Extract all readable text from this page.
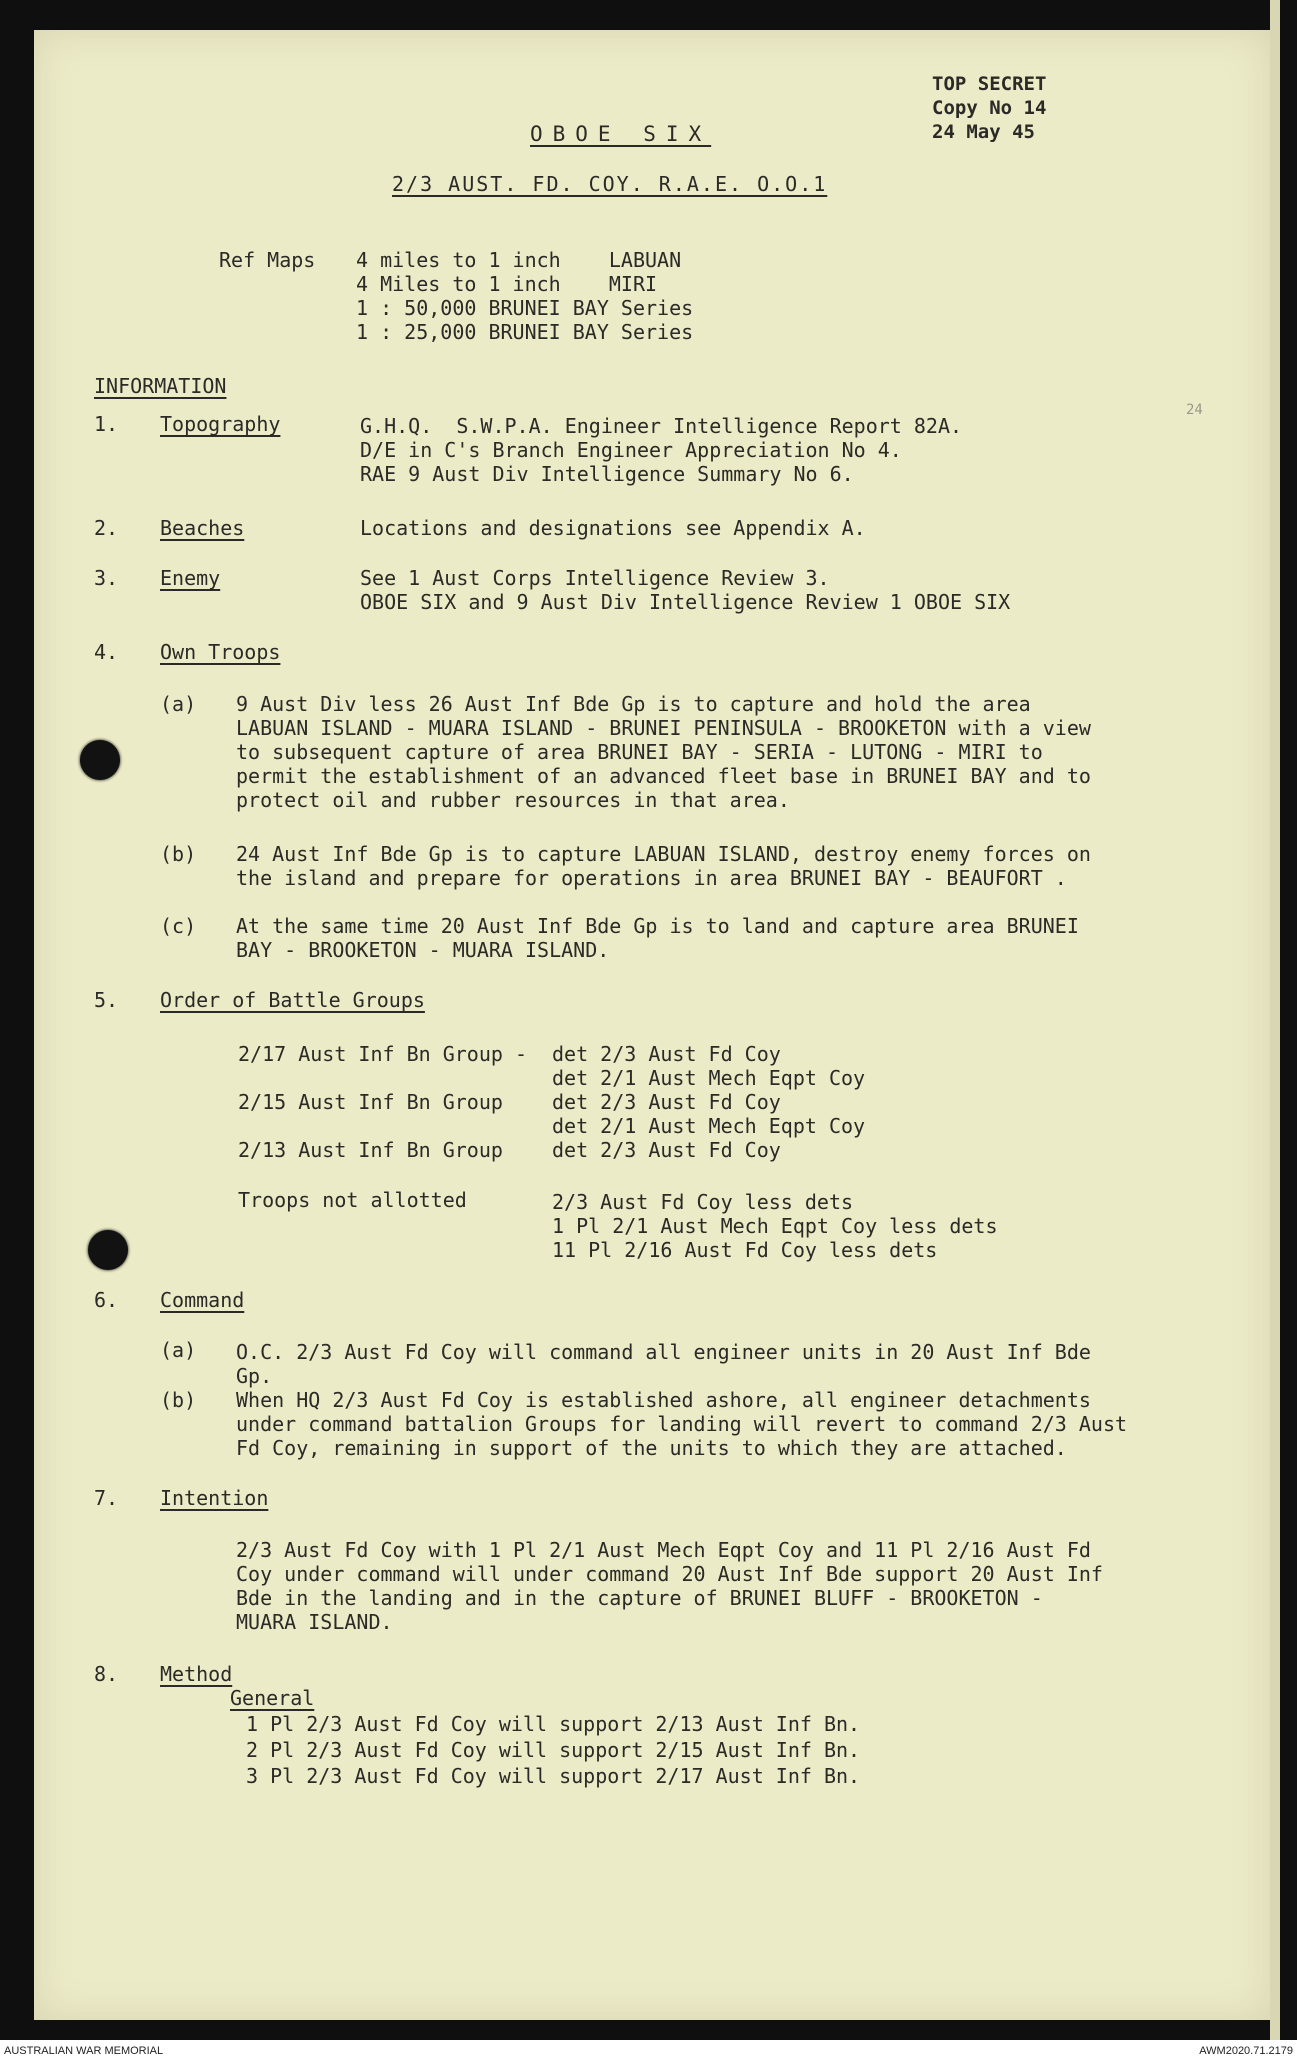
TOP SECRET
Copy No 14
24 May 45
OBOE SIX
2/3 AUST. FD. COY. R.A.E. O.O.1
Ref Maps 4 miles to 1 inch    LABUAN
4 Miles to 1 inch    MIRI
1 : 50,000 BRUNEI BAY Series
1 : 25,000 BRUNEI BAY Series
INFORMATION
24
1. Topography	G.H.Q.  S.W.P.A. Engineer Intelligence Report 82A.
D/E in C's Branch Engineer Appreciation No 4.
RAE 9 Aust Div Intelligence Summary No 6.
2. Beaches	Locations and designations see Appendix A.
3. Enemy	See 1 Aust Corps Intelligence Review 3.
OBOE SIX and 9 Aust Div Intelligence Review 1 OBOE SIX
4. Own Troops
(a) 9 Aust Div less 26 Aust Inf Bde Gp is to capture and hold the area
LABUAN ISLAND - MUARA ISLAND - BRUNEI PENINSULA - BROOKETON with a view
to subsequent capture of area BRUNEI BAY - SERIA - LUTONG - MIRI to
permit the establishment of an advanced fleet base in BRUNEI BAY and to
protect oil and rubber resources in that area.
(b) 24 Aust Inf Bde Gp is to capture LABUAN ISLAND, destroy enemy forces on
the island and prepare for operations in area BRUNEI BAY - BEAUFORT .
(c) At the same time 20 Aust Inf Bde Gp is to land and capture area BRUNEI
BAY - BROOKETON - MUARA ISLAND.
5. Order of Battle Groups
2/17 Aust Inf Bn Group - det 2/3 Aust Fd Coy
det 2/1 Aust Mech Eqpt Coy
2/15 Aust Inf Bn Group det 2/3 Aust Fd Coy
det 2/1 Aust Mech Eqpt Coy
2/13 Aust Inf Bn Group det 2/3 Aust Fd Coy
Troops not allotted	2/3 Aust Fd Coy less dets
1 Pl 2/1 Aust Mech Eqpt Coy less dets
11 Pl 2/16 Aust Fd Coy less dets
6. Command
(a) O.C. 2/3 Aust Fd Coy will command all engineer units in 20 Aust Inf Bde
Gp.
(b) When HQ 2/3 Aust Fd Coy is established ashore, all engineer detachments
under command battalion Groups for landing will revert to command 2/3 Aust
Fd Coy, remaining in support of the units to which they are attached.
7. Intention
2/3 Aust Fd Coy with 1 Pl 2/1 Aust Mech Eqpt Coy and 11 Pl 2/16 Aust Fd
Coy under command will under command 20 Aust Inf Bde support 20 Aust Inf
Bde in the landing and in the capture of BRUNEI BLUFF - BROOKETON -
MUARA ISLAND.
8. Method
General
1 Pl 2/3 Aust Fd Coy will support 2/13 Aust Inf Bn.
2 Pl 2/3 Aust Fd Coy will support 2/15 Aust Inf Bn.
3 Pl 2/3 Aust Fd Coy will support 2/17 Aust Inf Bn.
AUSTRALIAN WAR MEMORIAL	AWM2020.71.2179
